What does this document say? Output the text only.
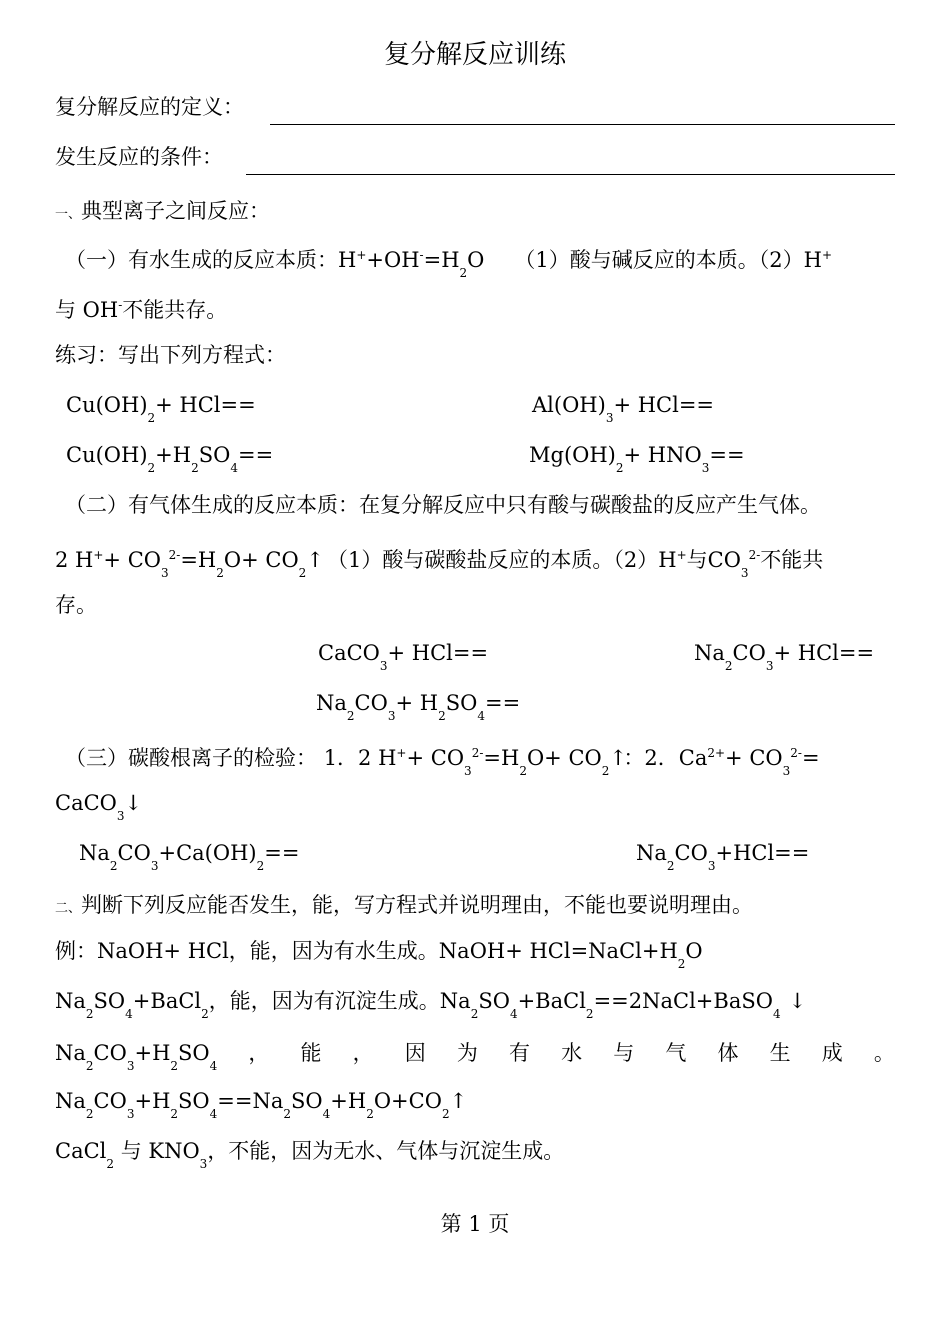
复分解反应训练
复分解反应的定义：
发生反应的条件：
一、典型离子之间反应：
（一）有水生成的反应本质：$H^++OH^-=H_2O$ （1）酸与碱反应的本质。（2）H+
与 OH-不能共存。
练习：写出下列方程式：
$Cu(OH)_2+ HCl==$	$Al(OH)_3+ HCl==$
$Cu(OH)_2+H_2SO_4==$	$Mg(OH)_2+ HNO_3==$
（二）有气体生成的反应本质：在复分解反应中只有酸与碳酸盐的反应产生气体。
2 $H^++ CO_3^{2-}=H_2O+$ $CO_2↑$ （1）酸与碳酸盐反应的本质。（2）H+与$CO_3^{2-}$不能共
存。
CaCO$_3$+ HCl==	$Na_2CO_3+ HCl==$
$Na_2CO_3+ H_2SO_4==$
（三）碳酸根离子的检验： 1．2 $H^++ CO_3^{2-}=H_2O+$ $CO_2↑$：2．$Ca^{2+}+ CO_3^{2-}=$
CaCO$_3$↓
$Na_2CO_3+Ca(OH)_2==$	$Na_2CO_3+HCl==$
二、判断下列反应能否发生，能，写方程式并说明理由，不能也要说明理由。
例：NaOH+ HCl，能，因为有水生成。NaOH+ $HCl=NaCl+H_2O$
$Na_2SO_4+BaCl_2$，能，因为有沉淀生成。$Na_2SO_4+BaCl_2==2NaCl+BaSO_4↓$
$Na_2CO_3+H_2SO_4$
， 能 ， 因 为 有 水 与 气 体 生 成 。
$Na_2CO_3+H_2SO_4==Na_2SO_4+H_2O+CO_2↑$
CaCl$_2$ 与 $KNO_3$，不能，因为无水、气体与沉淀生成。
第 1 页
